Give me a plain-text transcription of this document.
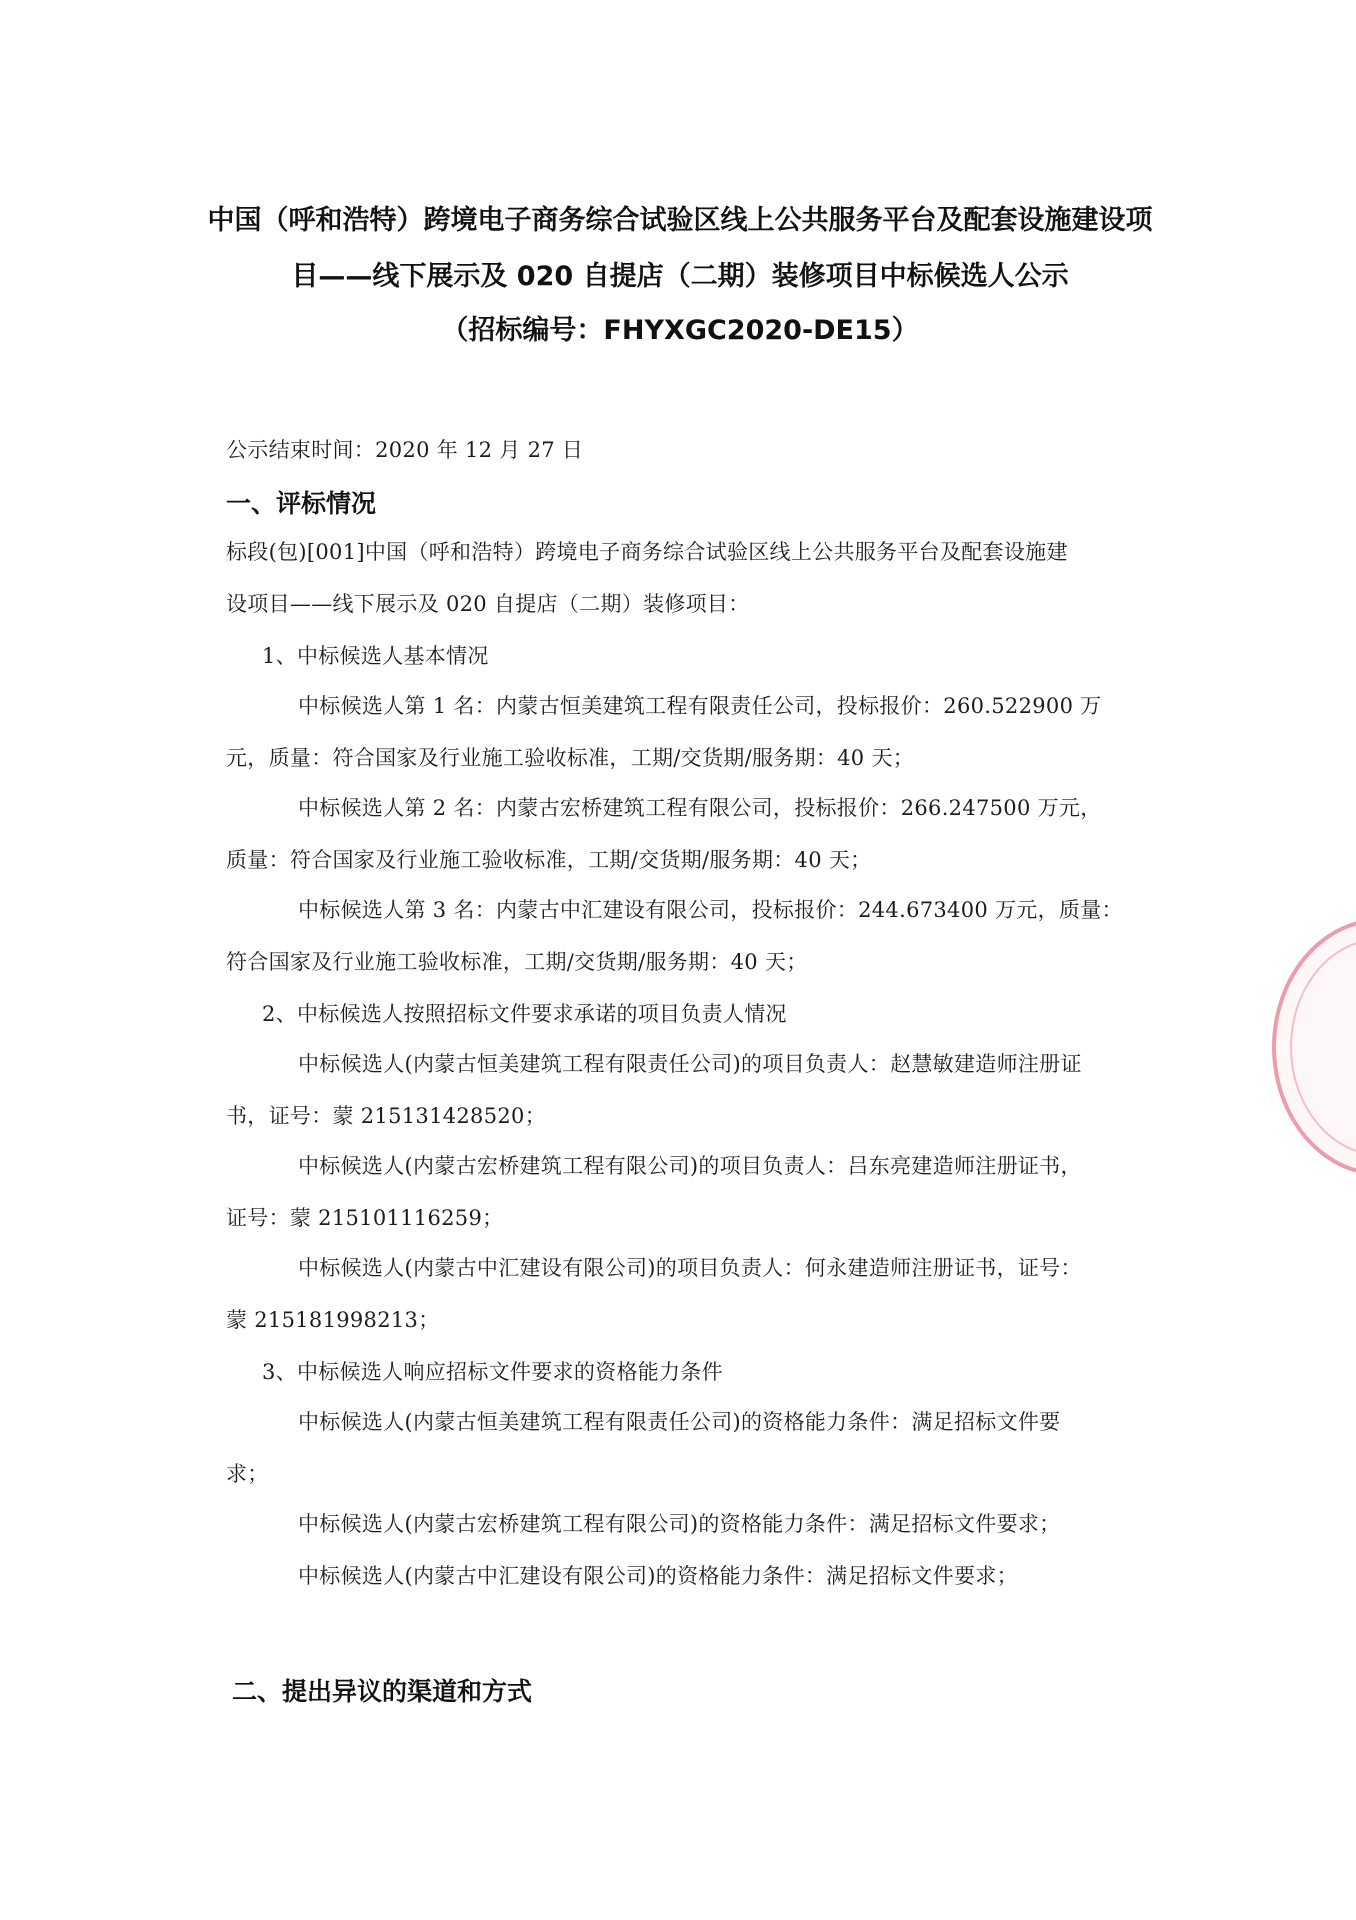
中国（呼和浩特）跨境电子商务综合试验区线上公共服务平台及配套设施建设项
目——线下展示及 020 自提店（二期）装修项目中标候选人公示
（招标编号：FHYXGC2020-DE15）
公示结束时间：2020 年 12 月 27 日
一、评标情况
标段(包)[001]中国（呼和浩特）跨境电子商务综合试验区线上公共服务平台及配套设施建
设项目——线下展示及 020 自提店（二期）装修项目：
1、中标候选人基本情况
中标候选人第 1 名：内蒙古恒美建筑工程有限责任公司，投标报价：260.522900 万
元，质量：符合国家及行业施工验收标准，工期/交货期/服务期：40 天；
中标候选人第 2 名：内蒙古宏桥建筑工程有限公司，投标报价：266.247500 万元，
质量：符合国家及行业施工验收标准，工期/交货期/服务期：40 天；
中标候选人第 3 名：内蒙古中汇建设有限公司，投标报价：244.673400 万元，质量：
符合国家及行业施工验收标准，工期/交货期/服务期：40 天；
2、中标候选人按照招标文件要求承诺的项目负责人情况
中标候选人(内蒙古恒美建筑工程有限责任公司)的项目负责人：赵慧敏建造师注册证
书，证号：蒙 215131428520；
中标候选人(内蒙古宏桥建筑工程有限公司)的项目负责人：吕东亮建造师注册证书，
证号：蒙 215101116259；
中标候选人(内蒙古中汇建设有限公司)的项目负责人：何永建造师注册证书，证号：
蒙 215181998213；
3、中标候选人响应招标文件要求的资格能力条件
中标候选人(内蒙古恒美建筑工程有限责任公司)的资格能力条件：满足招标文件要
求；
中标候选人(内蒙古宏桥建筑工程有限公司)的资格能力条件：满足招标文件要求；
中标候选人(内蒙古中汇建设有限公司)的资格能力条件：满足招标文件要求；
二、提出异议的渠道和方式
